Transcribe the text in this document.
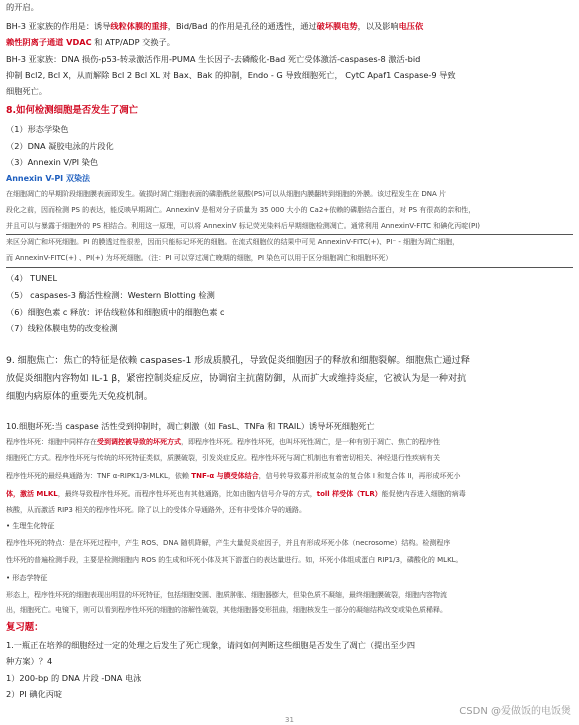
的开启。
BH-3 亚家族的作用是：诱导线粒体膜的重排，Bid/Bad 的作用是孔径的通透性，通过破坏膜电势，以及影响电压依
赖性阴离子通道 VDAC 和 ATP/ADP 交换子。
BH-3 亚家族：DNA 损伤-p53-转录激活作用-PUMA 生长因子-去磷酸化-Bad 死亡受体激活-caspases-8 激活-bid
抑制 Bcl2, Bcl X，从而解除 Bcl 2 Bcl XL 对 Bax、Bak 的抑制，Endo - G 导致细胞死亡， CytC Apaf1 Caspase-9 导致
细胞死亡。
8.如何检测细胞是否发生了凋亡
（1）形态学染色
（2）DNA 凝胶电泳的片段化
（3）Annexin V/PI 染色
Annexin V-PI 双染法
在细胞凋亡的早期阶段细胞膜表面即发生。破损时凋亡细胞表面的磷脂酰丝氨酸(PS)可以从细胞内膜翻转到细胞的外膜。该过程发生在 DNA 片
段化之前，因而检测 PS 的表达，能反映早期凋亡。AnnexinV 是相对分子质量为 35 000 大小的 Ca2+依赖的磷脂结合蛋白，对 PS 有很高的亲和性，
并且可以与暴露于细胞外的 PS 相结合。利用这一原理，可以将 AnnexinV 标记荧光染料后早期细胞检测凋亡。通常利用 AnnexinV-FITC 和碘化丙啶(PI)
来区分凋亡和坏死细胞。PI 的膜透过性很差，因而只能标记坏死的细胞。在流式细胞仪的结果中可见 AnnexinV-FITC(+)、PI⁻ - 细胞为凋亡细胞，
而 AnnexinV-FITC(+) 、PI(+) 为坏死细胞。（注：PI 可以穿过凋亡晚期的细胞，PI 染色可以用于区分细胞凋亡和细胞坏死）
（4） TUNEL
（5） caspases-3 酶活性检测：Western Blotting 检测
（6）细胞色素 c 释放：评估线粒体和细胞质中的细胞色素 c
（7）线粒体膜电势的改变检测
9. 细胞焦亡：焦亡的特征是依赖 caspases-1 形成质膜孔，导致促炎细胞因子的释放和细胞裂解。细胞焦亡通过释
放促炎细胞内容物如 IL-1 β，紧密控制炎症反应，协调宿主抗菌防御，从而扩大或维持炎症，它被认为是一种对抗
细胞内病原体的重要先天免疫机制。
10.细胞坏死:当 caspase 活性受到抑制时，凋亡刺激（如 FasL、TNFa 和 TRAIL）诱导坏死细胞死亡
程序性坏死：细胞中同样存在受到调控被导致的坏死方式，即程序性坏死。程序性坏死，也叫坏死性凋亡，是一种有别于凋亡、焦亡的程序性
细胞死亡方式。程序性坏死与传统的坏死特征类似，质膜破裂，引发炎症反应。程序性坏死与凋亡机制也有着密切相关、神经退行性疾病有关
程序性坏死的最经典通路为：TNF α-RIPK1/3-MLKL，依赖 TNF-α 与膜受体结合，信号转导致募并形成复杂的复合体 I 和复合体 II，再形成坏死小
体，激活 MLKL，最终导致程序性坏死。而程序性坏死也有其他通路，比如由胞内信号介导的方式，toll 样受体（TLR）能促使内吞进入细胞的病毒
核酸，从而激活 RIP3 相关的程序性坏死。除了以上的受体介导通路外，还有非受体介导的通路。
• 生理生化特征
程序性坏死的特点：是在坏死过程中，产生 ROS、DNA 随机降解，产生大量促炎症因子，并且有形成坏死小体（necrosome）结构。检测程序
性坏死的普遍检测手段，主要是检测细胞内 ROS 的生成和坏死小体及其下游蛋白的表达量进行。如，坏死小体组成蛋白 RIP1/3，磷酸化的 MLKL。
• 形态学特征
形态上，程序性坏死的细胞表现出明显的坏死特征，包括细胞变圆、胞质肿胀、细胞器膨大，但染色质不凝缩，最终细胞膜破裂，细胞内容物流
出，细胞死亡。电镜下，则可以看到程序性坏死的细胞的溶解性破裂，其他细胞器变形扭曲，细胞核发生一部分的凝缩结构改变或染色质稀释。
复习题：
1.一瓶正在培养的细胞经过一定的处理之后发生了死亡现象，请问如何判断这些细胞是否发生了凋亡（提出至少四
种方案）？4
1）200-bp 的 DNA 片段 -DNA 电泳
2）PI 碘化丙啶
CSDN @爱做饭的电饭煲
31
